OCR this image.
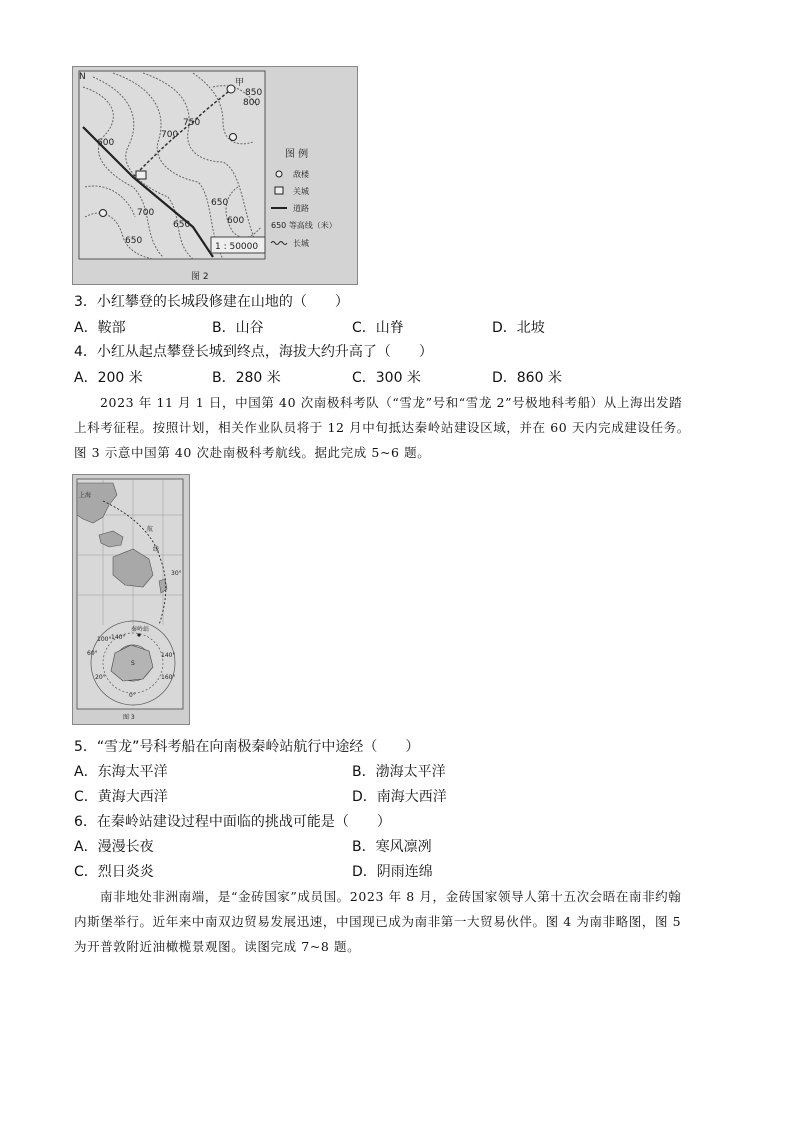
N
甲
850
800
750
700
600
650
650	600
700
650
图 例
敌楼
关城
道路
650 等高线（米）
长城
1 : 50000
图 2
3．小红攀登的长城段修建在山地的（　　）
A．鞍部	B．山谷	C．山脊	D．北坡
4．小红从起点攀登长城到终点，海拔大约升高了（　　）
A．200 米	B．280 米	C．300 米	D．860 米
2023 年 11 月 1 日，中国第 40 次南极科考队（“雪龙”号和“雪龙 2”号极地科考船）从上海出发踏
上科考征程。按照计划，相关作业队员将于 12 月中旬抵达秦岭站建设区域，并在 60 天内完成建设任务。
图 3 示意中国第 40 次赴南极科考航线。据此完成 5~6 题。
上海
航
线
秦岭站
30°
100° 140°
60°	140°
20°	160°
0°
S
图 3
5．“雪龙”号科考船在向南极秦岭站航行中途经（　　）
A．东海太平洋	B．渤海太平洋
C．黄海大西洋	D．南海大西洋
6．在秦岭站建设过程中面临的挑战可能是（　　）
A．漫漫长夜	B．寒风凛冽
C．烈日炎炎	D．阴雨连绵
南非地处非洲南端，是“金砖国家”成员国。2023 年 8 月，金砖国家领导人第十五次会晤在南非约翰
内斯堡举行。近年来中南双边贸易发展迅速，中国现已成为南非第一大贸易伙伴。图 4 为南非略图，图 5
为开普敦附近油橄榄景观图。读图完成 7~8 题。
